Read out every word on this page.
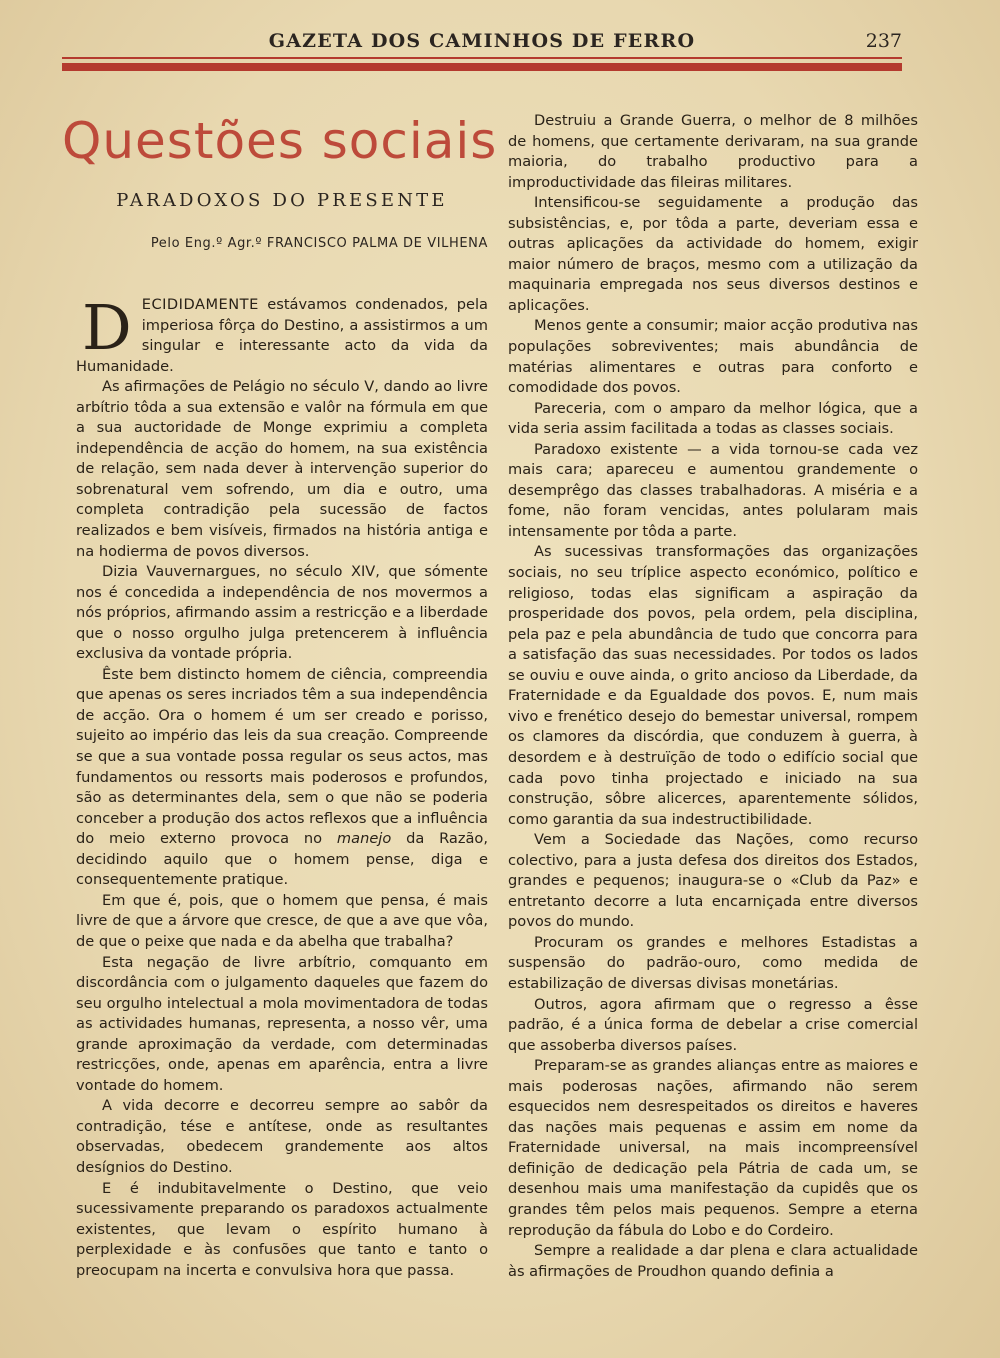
GAZETA DOS CAMINHOS DE FERRO	237
Questões sociais
PARADOXOS DO PRESENTE
Pelo Eng.º Agr.º FRANCISCO PALMA DE VILHENA

DECIDIDAMENTE estávamos condenados, pela imperiosa fôrça do Destino, a assistirmos a um singular e interessante acto da vida da Humanidade.

As afirmações de Pelágio no século V, dando ao livre arbítrio tôda a sua extensão e valôr na fórmula em que a sua auctoridade de Monge exprimiu a completa independência de acção do homem, na sua existência de relação, sem nada dever à intervenção superior do sobrenatural vem sofrendo, um dia e outro, uma completa contradição pela sucessão de factos realizados e bem visíveis, firmados na história antiga e na hodierma de povos diversos.

Dizia Vauvernargues, no século XIV, que sómente nos é concedida a independência de nos movermos a nós próprios, afirmando assim a restricção e a liberdade que o nosso orgulho julga pretencerem à influência exclusiva da vontade própria.

Êste bem distincto homem de ciência, compreendia que apenas os seres incriados têm a sua independência de acção. Ora o homem é um ser creado e porisso, sujeito ao império das leis da sua creação. Compreende se que a sua vontade possa regular os seus actos, mas fundamentos ou ressorts mais poderosos e profundos, são as determinantes dela, sem o que não se poderia conceber a produção dos actos reflexos que a influência do meio externo provoca no manejo da Razão, decidindo aquilo que o homem pense, diga e consequentemente pratique.

Em que é, pois, que o homem que pensa, é mais livre de que a árvore que cresce, de que a ave que vôa, de que o peixe que nada e da abelha que trabalha?

Esta negação de livre arbítrio, comquanto em discordância com o julgamento daqueles que fazem do seu orgulho intelectual a mola movimentadora de todas as actividades humanas, representa, a nosso vêr, uma grande aproximação da verdade, com determinadas restricções, onde, apenas em aparência, entra a livre vontade do homem.

A vida decorre e decorreu sempre ao sabôr da contradição, tése e antítese, onde as resultantes observadas, obedecem grandemente aos altos desígnios do Destino.

E é indubitavelmente o Destino, que veio sucessivamente preparando os paradoxos actualmente existentes, que levam o espírito humano à perplexidade e às confusões que tanto e tanto o preocupam na incerta e convulsiva hora que passa.

Destruiu a Grande Guerra, o melhor de 8 milhões de homens, que certamente derivaram, na sua grande maioria, do trabalho productivo para a improductividade das fileiras militares.

Intensificou-se seguidamente a produção das subsistências, e, por tôda a parte, deveriam essa e outras aplicações da actividade do homem, exigir maior número de braços, mesmo com a utilização da maquinaria empregada nos seus diversos destinos e aplicações.

Menos gente a consumir; maior acção produtiva nas populações sobreviventes; mais abundância de matérias alimentares e outras para conforto e comodidade dos povos.

Pareceria, com o amparo da melhor lógica, que a vida seria assim facilitada a todas as classes sociais.

Paradoxo existente — a vida tornou-se cada vez mais cara; apareceu e aumentou grandemente o desemprêgo das classes trabalhadoras. A miséria e a fome, não foram vencidas, antes polularam mais intensamente por tôda a parte.

As sucessivas transformações das organizações sociais, no seu tríplice aspecto económico, político e religioso, todas elas significam a aspiração da prosperidade dos povos, pela ordem, pela disciplina, pela paz e pela abundância de tudo que concorra para a satisfação das suas necessidades. Por todos os lados se ouviu e ouve ainda, o grito ancioso da Liberdade, da Fraternidade e da Egualdade dos povos. E, num mais vivo e frenético desejo do bemestar universal, rompem os clamores da discórdia, que conduzem à guerra, à desordem e à destruïção de todo o edifício social que cada povo tinha projectado e iniciado na sua construção, sôbre alicerces, aparentemente sólidos, como garantia da sua indestructibilidade.

Vem a Sociedade das Nações, como recurso colectivo, para a justa defesa dos direitos dos Estados, grandes e pequenos; inaugura-se o «Club da Paz» e entretanto decorre a luta encarniçada entre diversos povos do mundo.

Procuram os grandes e melhores Estadistas a suspensão do padrão-ouro, como medida de estabilização de diversas divisas monetárias.

Outros, agora afirmam que o regresso a êsse padrão, é a única forma de debelar a crise comercial que assoberba diversos países.

Preparam-se as grandes alianças entre as maiores e mais poderosas nações, afirmando não serem esquecidos nem desrespeitados os direitos e haveres das nações mais pequenas e assim em nome da Fraternidade universal, na mais incompreensível definição de dedicação pela Pátria de cada um, se desenhou mais uma manifestação da cupidês que os grandes têm pelos mais pequenos. Sempre a eterna reprodução da fábula do Lobo e do Cordeiro.

Sempre a realidade a dar plena e clara actualidade às afirmações de Proudhon quando definia a
